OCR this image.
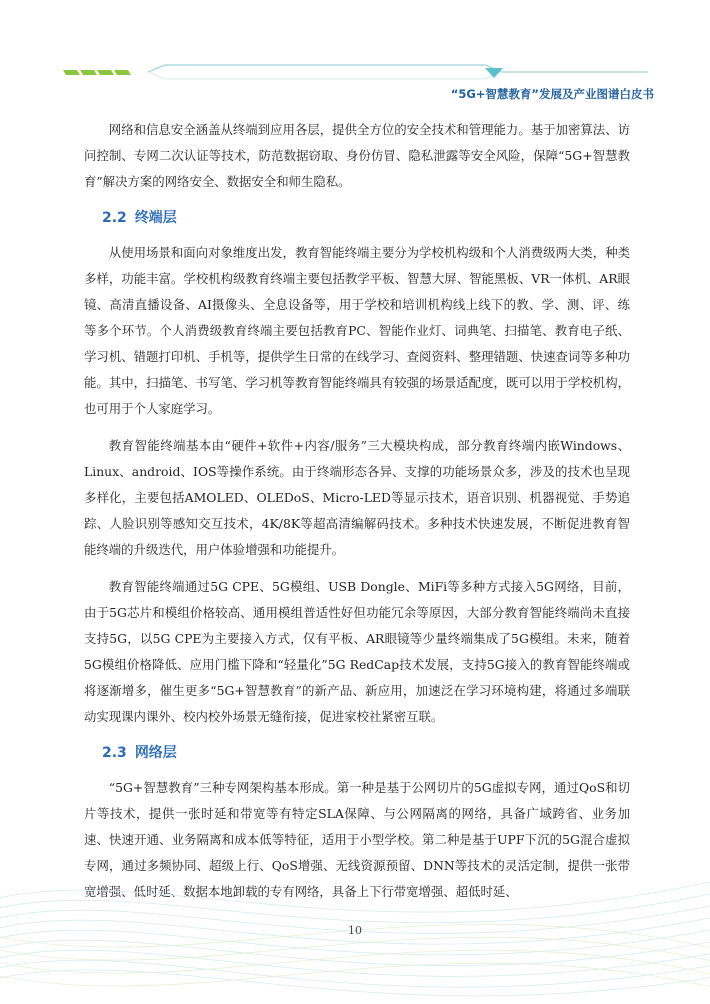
“5G+智慧教育”发展及产业图谱白皮书

网络和信息安全涵盖从终端到应用各层，提供全方位的安全技术和管理能力。基于加密算法、访问控制、专网二次认证等技术，防范数据窃取、身份仿冒、隐私泄露等安全风险，保障“5G+智慧教育”解决方案的网络安全、数据安全和师生隐私。

2.2 终端层

从使用场景和面向对象维度出发，教育智能终端主要分为学校机构级和个人消费级两大类，种类多样，功能丰富。学校机构级教育终端主要包括教学平板、智慧大屏、智能黑板、VR一体机、AR眼镜、高清直播设备、AI摄像头、全息设备等，用于学校和培训机构线上线下的教、学、测、评、练等多个环节。个人消费级教育终端主要包括教育PC、智能作业灯、词典笔、扫描笔、教育电子纸、学习机、错题打印机、手机等，提供学生日常的在线学习、查阅资料、整理错题、快速查词等多种功能。其中，扫描笔、书写笔、学习机等教育智能终端具有较强的场景适配度，既可以用于学校机构，也可用于个人家庭学习。

教育智能终端基本由“硬件+软件+内容/服务”三大模块构成，部分教育终端内嵌Windows、Linux、android、IOS等操作系统。由于终端形态各异、支撑的功能场景众多，涉及的技术也呈现多样化，主要包括AMOLED、OLEDoS、Micro-LED等显示技术，语音识别、机器视觉、手势追踪、人脸识别等感知交互技术，4K/8K等超高清编解码技术。多种技术快速发展，不断促进教育智能终端的升级迭代，用户体验增强和功能提升。

教育智能终端通过5G CPE、5G模组、USB Dongle、MiFi等多种方式接入5G网络，目前，由于5G芯片和模组价格较高、通用模组普适性好但功能冗余等原因，大部分教育智能终端尚未直接支持5G，以5G CPE为主要接入方式，仅有平板、AR眼镜等少量终端集成了5G模组。未来，随着5G模组价格降低、应用门槛下降和“轻量化”5G RedCap技术发展，支持5G接入的教育智能终端或将逐渐增多，催生更多“5G+智慧教育”的新产品、新应用，加速泛在学习环境构建，将通过多端联动实现课内课外、校内校外场景无缝衔接，促进家校社紧密互联。

2.3 网络层

“5G+智慧教育”三种专网架构基本形成。第一种是基于公网切片的5G虚拟专网，通过QoS和切片等技术，提供一张时延和带宽等有特定SLA保障、与公网隔离的网络，具备广域跨省、业务加速、快速开通、业务隔离和成本低等特征，适用于小型学校。第二种是基于UPF下沉的5G混合虚拟专网，通过多频协同、超级上行、QoS增强、无线资源预留、DNN等技术的灵活定制，提供一张带宽增强、低时延、数据本地卸载的专有网络，具备上下行带宽增强、超低时延、

10
